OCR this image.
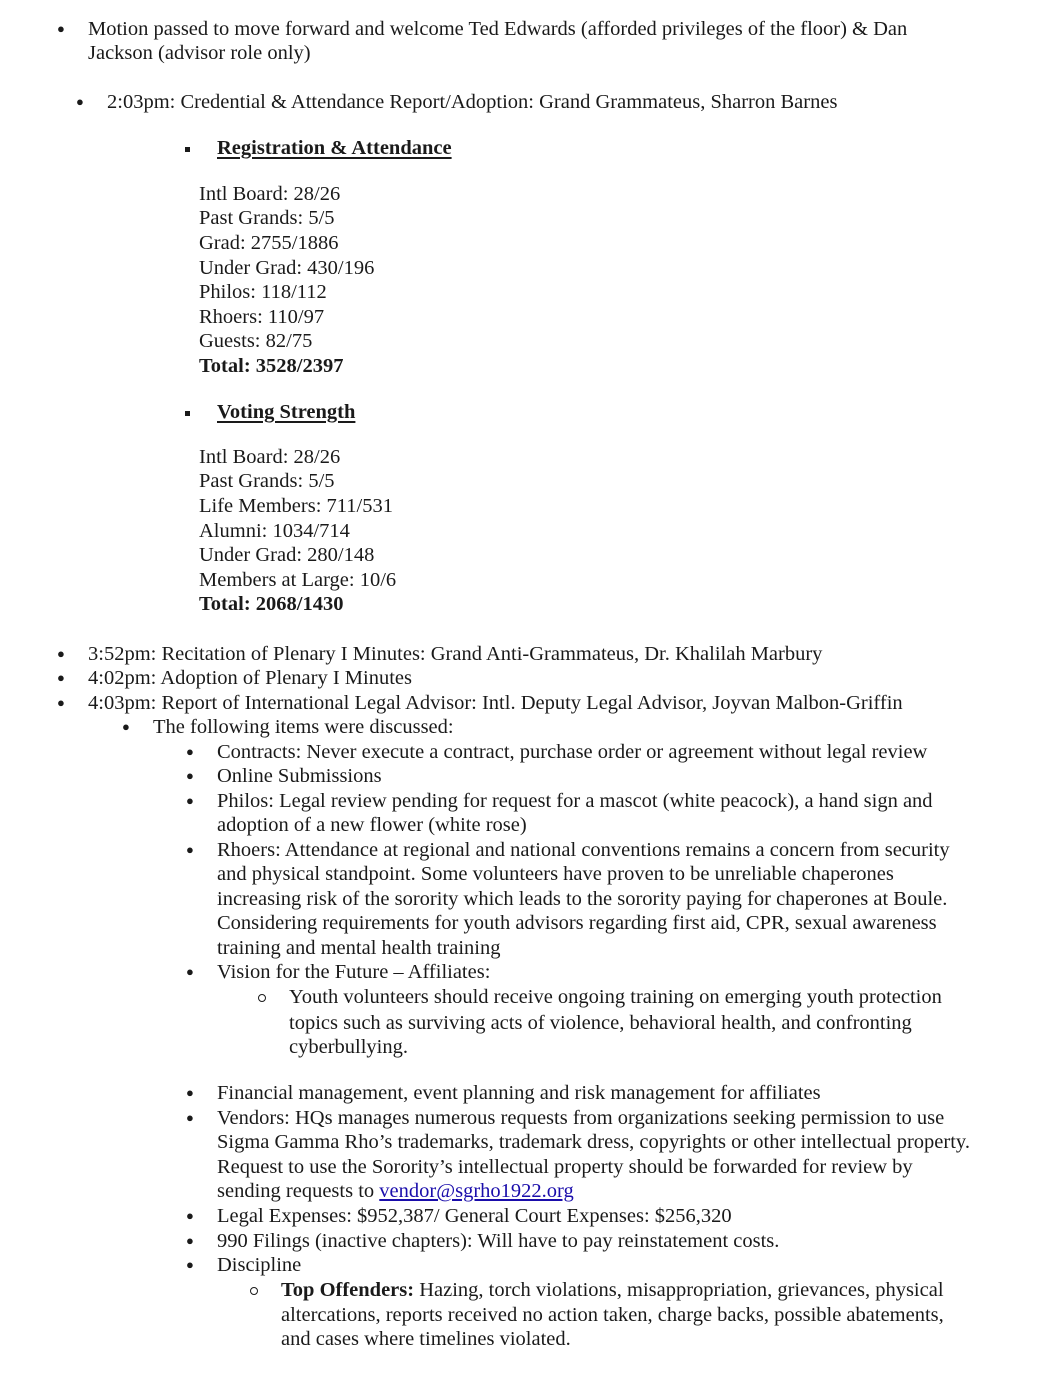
● Motion passed to move forward and welcome Ted Edwards (afforded privileges of the floor) & Dan
Jackson (advisor role only)
● 2:03pm: Credential & Attendance Report/Adoption: Grand Grammateus, Sharron Barnes
Registration & Attendance
Intl Board: 28/26
Past Grands: 5/5
Grad: 2755/1886
Under Grad: 430/196
Philos: 118/112
Rhoers: 110/97
Guests: 82/75
Total: 3528/2397
Voting Strength
Intl Board: 28/26
Past Grands: 5/5
Life Members: 711/531
Alumni: 1034/714
Under Grad: 280/148
Members at Large: 10/6
Total: 2068/1430
● 3:52pm: Recitation of Plenary I Minutes: Grand Anti-Grammateus, Dr. Khalilah Marbury
● 4:02pm: Adoption of Plenary I Minutes
● 4:03pm: Report of International Legal Advisor: Intl. Deputy Legal Advisor, Joyvan Malbon-Griffin
● The following items were discussed:
● Contracts: Never execute a contract, purchase order or agreement without legal review
● Online Submissions
● Philos: Legal review pending for request for a mascot (white peacock), a hand sign and
adoption of a new flower (white rose)
● Rhoers: Attendance at regional and national conventions remains a concern from security
and physical standpoint. Some volunteers have proven to be unreliable chaperones
increasing risk of the sorority which leads to the sorority paying for chaperones at Boule.
Considering requirements for youth advisors regarding first aid, CPR, sexual awareness
training and mental health training
● Vision for the Future – Affiliates:
Youth volunteers should receive ongoing training on emerging youth protection
topics such as surviving acts of violence, behavioral health, and confronting
cyberbullying.
● Financial management, event planning and risk management for affiliates
● Vendors: HQs manages numerous requests from organizations seeking permission to use
Sigma Gamma Rho’s trademarks, trademark dress, copyrights or other intellectual property.
Request to use the Sorority’s intellectual property should be forwarded for review by
sending requests to vendor@sgrho1922.org
● Legal Expenses: $952,387/ General Court Expenses: $256,320
● 990 Filings (inactive chapters): Will have to pay reinstatement costs.
● Discipline
Top Offenders: Hazing, torch violations, misappropriation, grievances, physical
altercations, reports received no action taken, charge backs, possible abatements,
and cases where timelines violated.
